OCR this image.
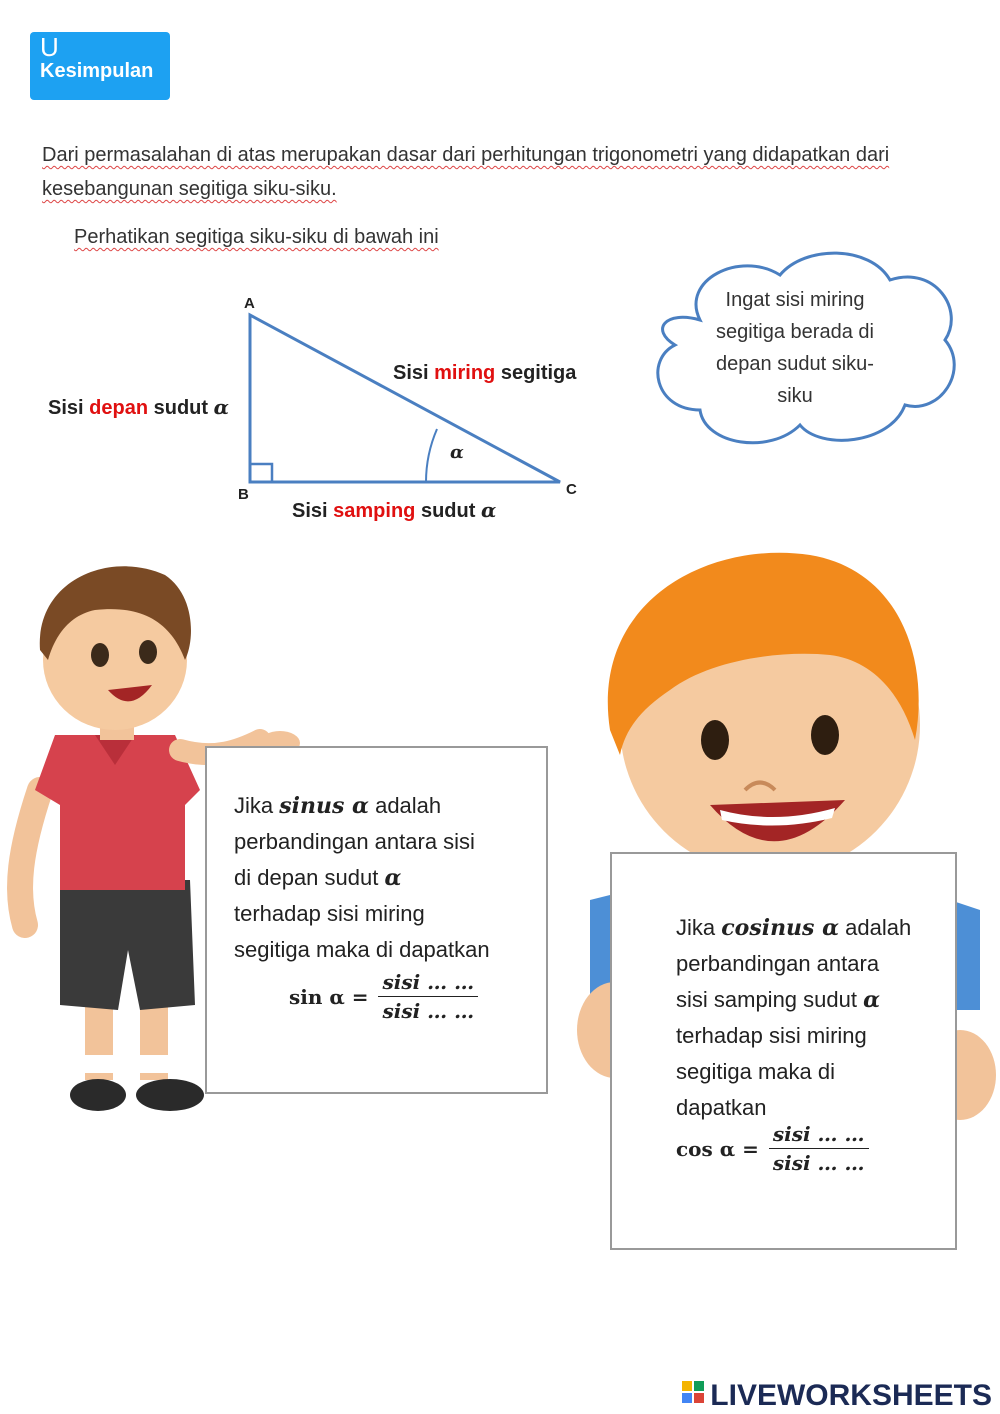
U
Kesimpulan
Dari permasalahan di atas merupakan dasar dari perhitungan trigonometri yang didapatkan dari kesebangunan segitiga siku-siku.
Perhatikan segitiga siku-siku di bawah ini
A
B	C
α
Sisi depan sudut α
Sisi miring segitiga
Sisi samping sudut α
Ingat sisi miring
segitiga berada di
depan sudut siku-
siku
Jika sinus α adalah
perbandingan antara sisi
di depan sudut α
terhadap sisi miring
segitiga maka di dapatkan
$\sin \alpha = \frac{\text{sisi … …}}{\text{sisi … …}}$
Jika cosinus α adalah
perbandingan antara
sisi samping sudut α
terhadap sisi miring
segitiga maka di
dapatkan
$\cos \alpha = \frac{\text{sisi … …}}{\text{sisi … …}}$
LIVEWORKSHEETS
